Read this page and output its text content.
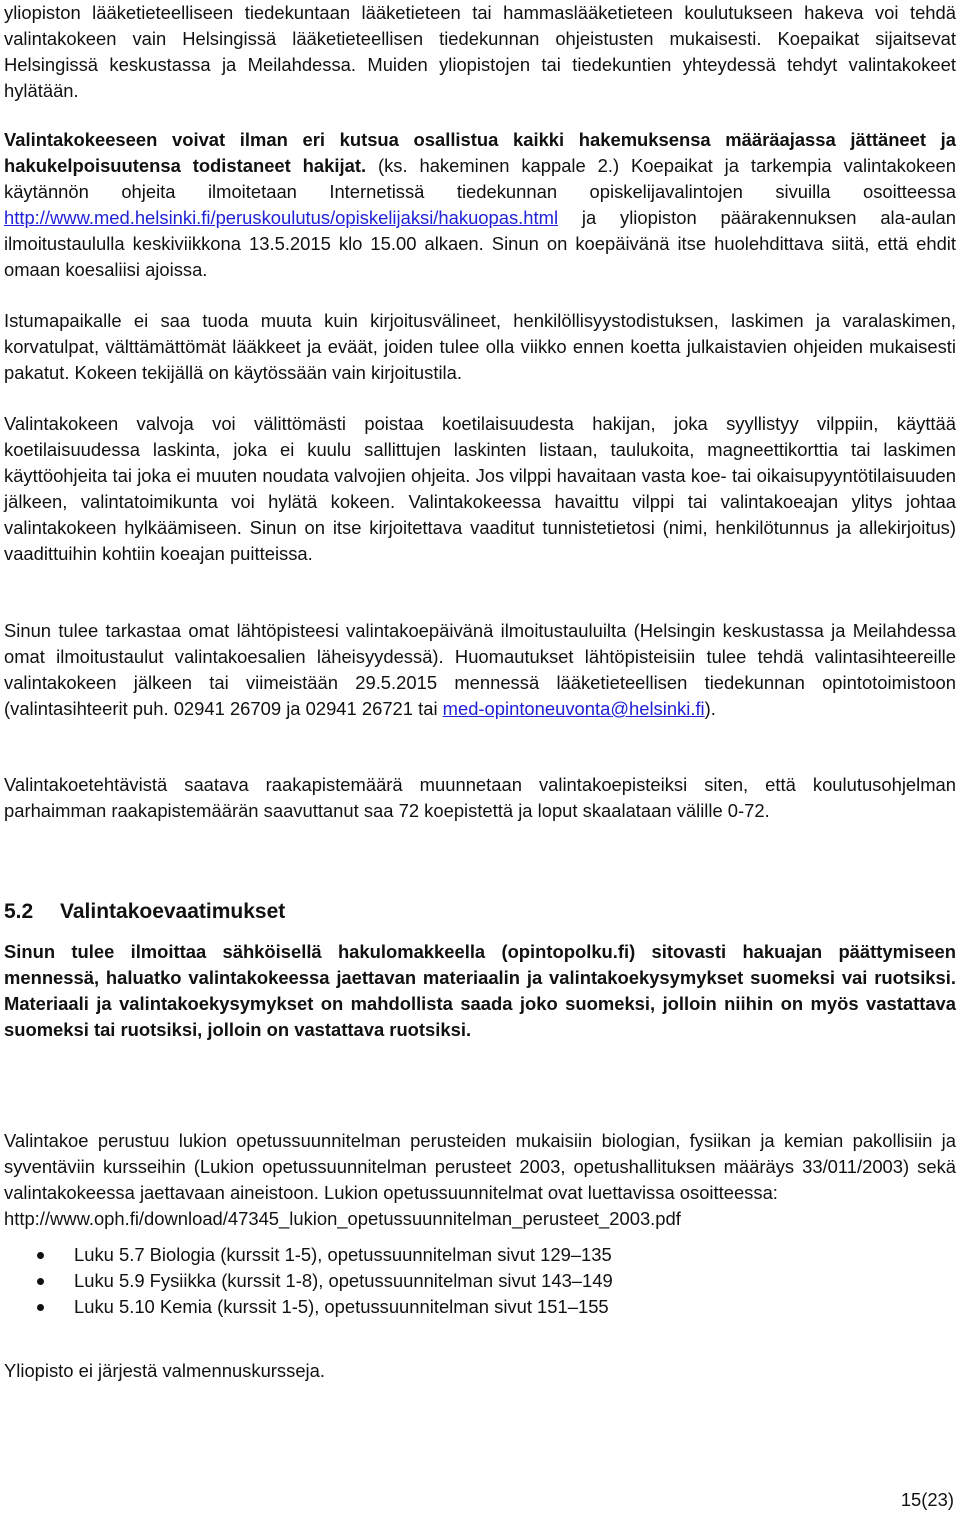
yliopiston lääketieteelliseen tiedekuntaan lääketieteen tai hammaslääketieteen koulutukseen hakeva voi tehdä valintakokeen vain Helsingissä lääketieteellisen tiedekunnan ohjeistusten mukaisesti. Koepaikat sijaitsevat Helsingissä keskustassa ja Meilahdessa. Muiden yliopistojen tai tiedekuntien yhteydessä tehdyt valintakokeet hylätään.

Valintakokeeseen voivat ilman eri kutsua osallistua kaikki hakemuksensa määräajassa jättäneet ja hakukelpoisuutensa todistaneet hakijat. (ks. hakeminen kappale 2.) Koepaikat ja tarkempia valintakokeen käytännön ohjeita ilmoitetaan Internetissä tiedekunnan opiskelijavalintojen sivuilla osoitteessa http://www.med.helsinki.fi/peruskoulutus/opiskelijaksi/hakuopas.html ja yliopiston päärakennuksen ala-aulan ilmoitustaululla keskiviikkona 13.5.2015 klo 15.00 alkaen. Sinun on koepäivänä itse huolehdittava siitä, että ehdit omaan koesaliisi ajoissa.

Istumapaikalle ei saa tuoda muuta kuin kirjoitusvälineet, henkilöllisyystodistuksen, laskimen ja varalaskimen, korvatulpat, välttämättömät lääkkeet ja eväät, joiden tulee olla viikko ennen koetta julkaistavien ohjeiden mukaisesti pakatut. Kokeen tekijällä on käytössään vain kirjoitustila.

Valintakokeen valvoja voi välittömästi poistaa koetilaisuudesta hakijan, joka syyllistyy vilppiin, käyttää koetilaisuudessa laskinta, joka ei kuulu sallittujen laskinten listaan, taulukoita, magneettikorttia tai laskimen käyttöohjeita tai joka ei muuten noudata valvojien ohjeita. Jos vilppi havaitaan vasta koe- tai oikaisupyyntötilaisuuden jälkeen, valintatoimikunta voi hylätä kokeen. Valintakokeessa havaittu vilppi tai valintakoeajan ylitys johtaa valintakokeen hylkäämiseen. Sinun on itse kirjoitettava vaaditut tunnistetietosi (nimi, henkilötunnus ja allekirjoitus) vaadittuihin kohtiin koeajan puitteissa.

Sinun tulee tarkastaa omat lähtöpisteesi valintakoepäivänä ilmoitustauluilta (Helsingin keskustassa ja Meilahdessa omat ilmoitustaulut valintakoesalien läheisyydessä). Huomautukset lähtöpisteisiin tulee tehdä valintasihteereille valintakokeen jälkeen tai viimeistään 29.5.2015 mennessä lääketieteellisen tiedekunnan opintotoimistoon (valintasihteerit puh. 02941 26709 ja 02941 26721 tai med-opintoneuvonta@helsinki.fi).

Valintakoetehtävistä saatava raakapistemäärä muunnetaan valintakoepisteiksi siten, että koulutusohjelman parhaimman raakapistemäärän saavuttanut saa 72 koepistettä ja loput skaalataan välille 0-72.

5.2 Valintakoevaatimukset

Sinun tulee ilmoittaa sähköisellä hakulomakkeella (opintopolku.fi) sitovasti hakuajan päättymiseen mennessä, haluatko valintakokeessa jaettavan materiaalin ja valintakoekysymykset suomeksi vai ruotsiksi. Materiaali ja valintakoekysymykset on mahdollista saada joko suomeksi, jolloin niihin on myös vastattava suomeksi tai ruotsiksi, jolloin on vastattava ruotsiksi.

Valintakoe perustuu lukion opetussuunnitelman perusteiden mukaisiin biologian, fysiikan ja kemian pakollisiin ja syventäviin kursseihin (Lukion opetussuunnitelman perusteet 2003, opetushallituksen määräys 33/011/2003) sekä valintakokeessa jaettavaan aineistoon. Lukion opetussuunnitelmat ovat luettavissa osoitteessa:
http://www.oph.fi/download/47345_lukion_opetussuunnitelman_perusteet_2003.pdf

Luku 5.7 Biologia (kurssit 1-5), opetussuunnitelman sivut 129–135
Luku 5.9 Fysiikka (kurssit 1-8), opetussuunnitelman sivut 143–149
Luku 5.10 Kemia (kurssit 1-5), opetussuunnitelman sivut 151–155

Yliopisto ei järjestä valmennuskursseja.

15(23)
